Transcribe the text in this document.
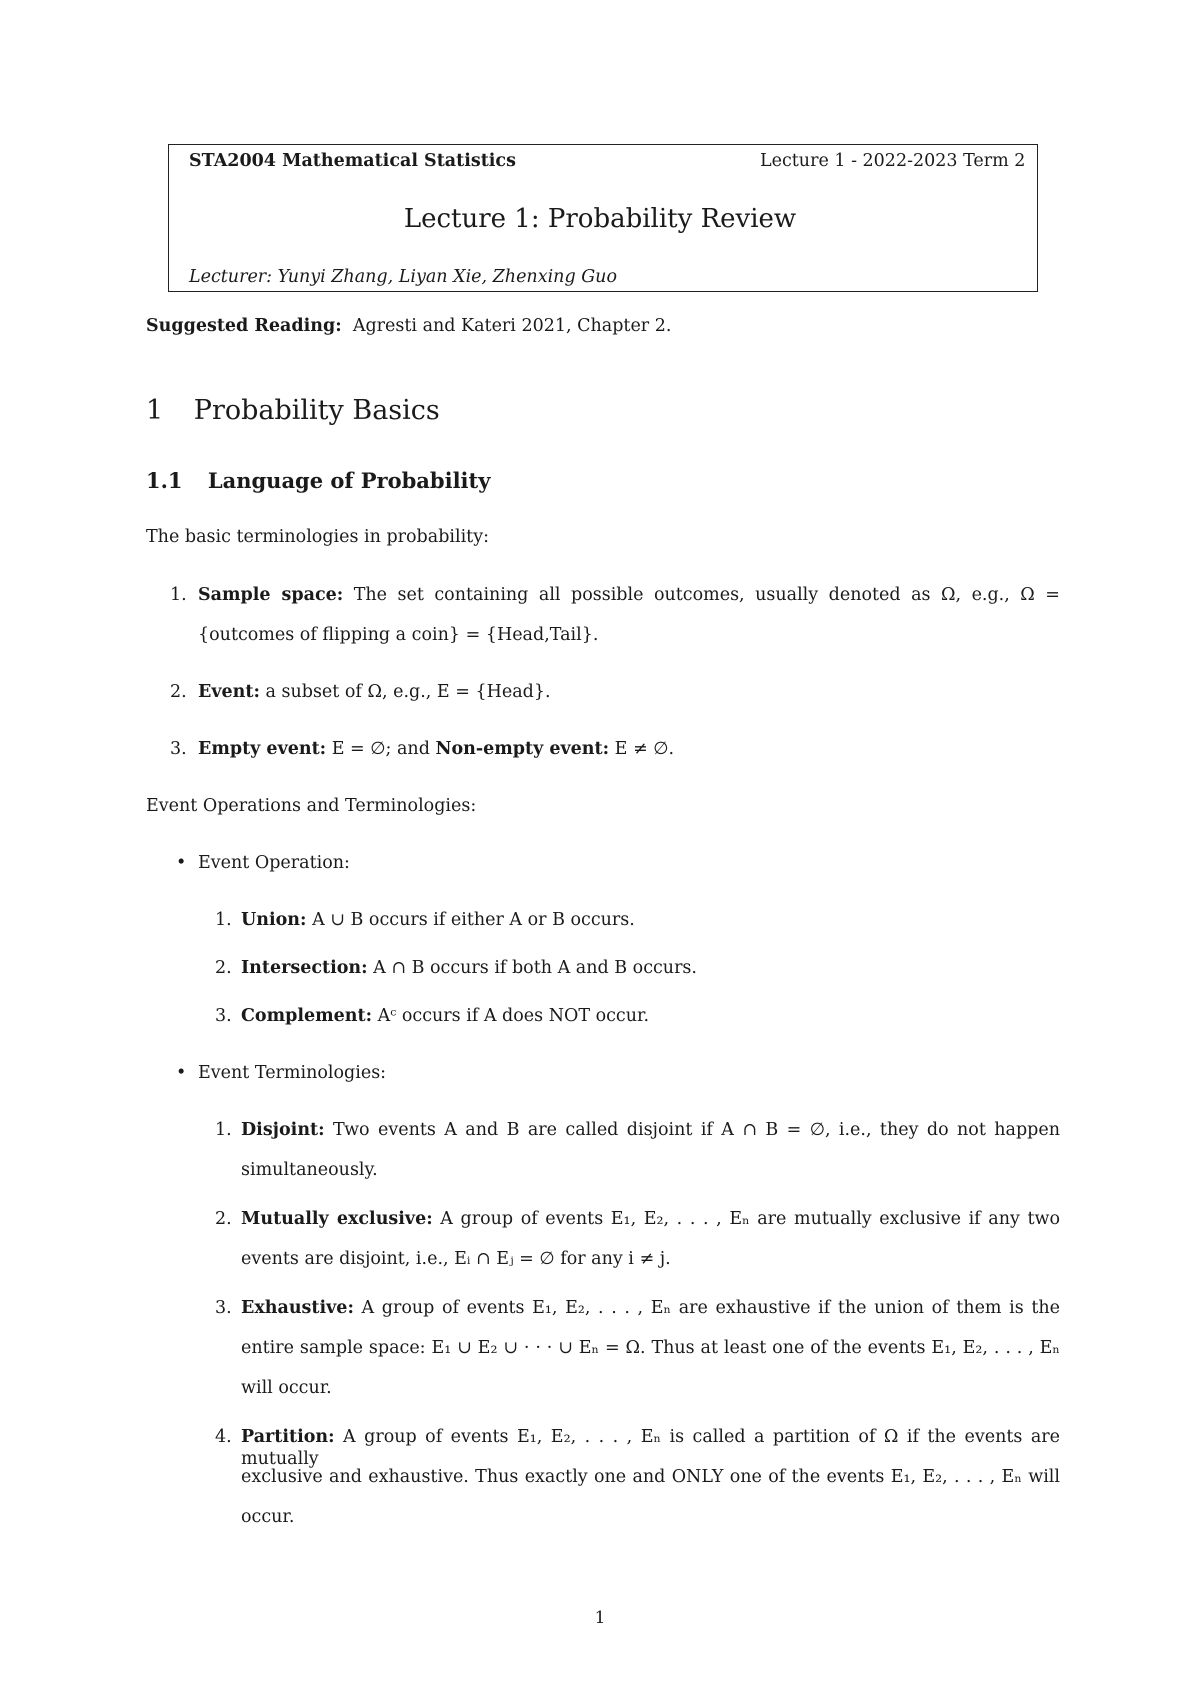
STA2004 Mathematical Statistics	Lecture 1 - 2022-2023 Term 2
Lecture 1: Probability Review
Lecturer: Yunyi Zhang, Liyan Xie, Zhenxing Guo
Suggested Reading: Agresti and Kateri 2021, Chapter 2.
1 Probability Basics
1.1 Language of Probability
The basic terminologies in probability:
1. Sample space: The set containing all possible outcomes, usually denoted as Ω, e.g., Ω =
{outcomes of flipping a coin} = {Head,Tail}.
2. Event: a subset of Ω, e.g., E = {Head}.
3. Empty event: E = ∅; and Non-empty event: E ≠ ∅.
Event Operations and Terminologies:
• Event Operation:
1. Union: A ∪ B occurs if either A or B occurs.
2. Intersection: A ∩ B occurs if both A and B occurs.
3. Complement: Aᶜ occurs if A does NOT occur.
• Event Terminologies:
1. Disjoint: Two events A and B are called disjoint if A ∩ B = ∅, i.e., they do not happen
simultaneously.
2. Mutually exclusive: A group of events E₁, E₂, . . . , Eₙ are mutually exclusive if any two
events are disjoint, i.e., Eᵢ ∩ Eⱼ = ∅ for any i ≠ j.
3. Exhaustive: A group of events E₁, E₂, . . . , Eₙ are exhaustive if the union of them is the
entire sample space: E₁ ∪ E₂ ∪ · · · ∪ Eₙ = Ω. Thus at least one of the events E₁, E₂, . . . , Eₙ
will occur.
4. Partition: A group of events E₁, E₂, . . . , Eₙ is called a partition of Ω if the events are mutually
exclusive and exhaustive. Thus exactly one and ONLY one of the events E₁, E₂, . . . , Eₙ will
occur.
1
